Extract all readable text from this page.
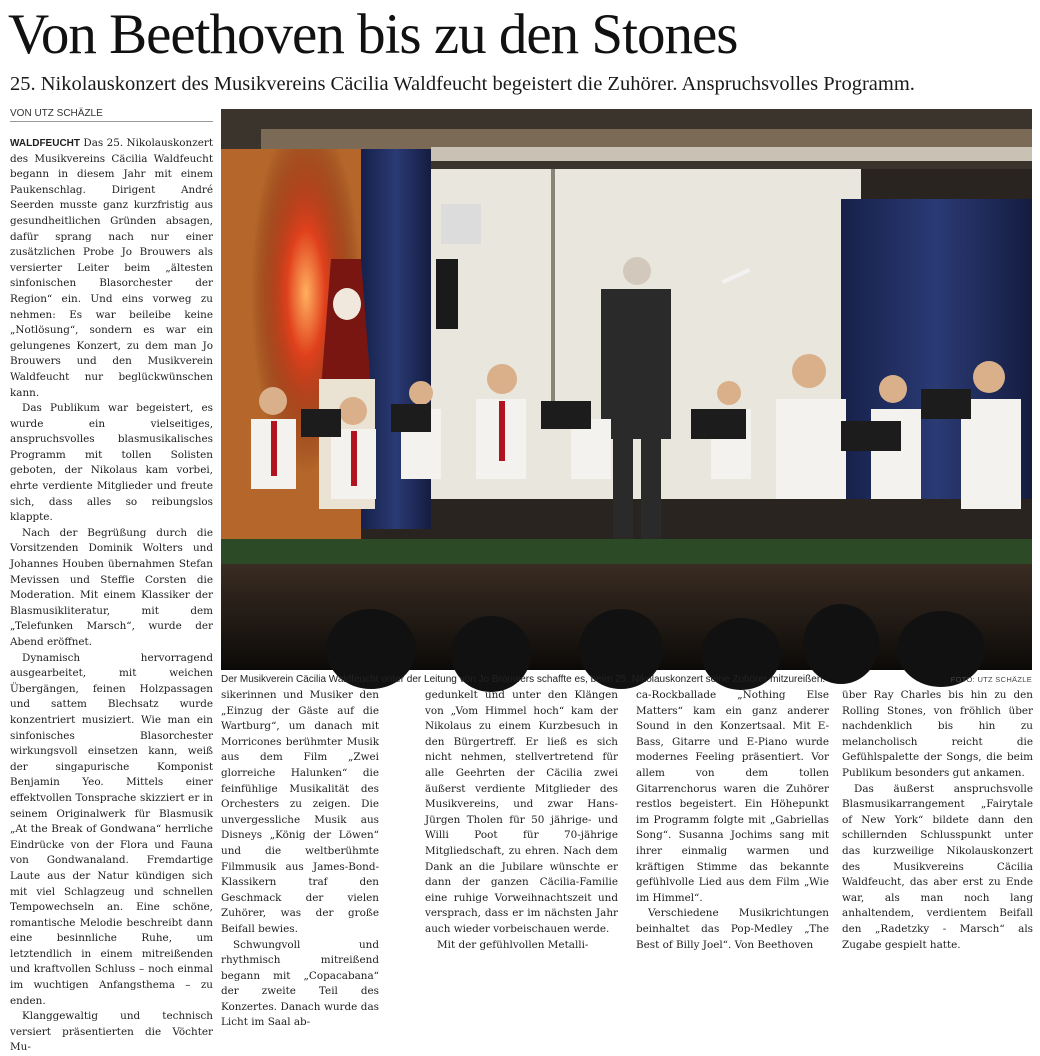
Von Beethoven bis zu den Stones

25. Nikolauskonzert des Musikvereins Cäcilia Waldfeucht begeistert die Zuhörer. Anspruchsvolles Programm.

VON UTZ SCHÄZLE

WALDFEUCHT Das 25. Nikolauskonzert des Musikvereins Cäcilia Waldfeucht begann in diesem Jahr mit einem Paukenschlag. Dirigent André Seerden musste ganz kurzfristig aus gesundheitlichen Gründen absagen, dafür sprang nach nur einer zusätzlichen Probe Jo Brouwers als versierter Leiter beim „ältesten sinfonischen Blasorchester der Region“ ein. Und eins vorweg zu nehmen: Es war beileibe keine „Notlösung“, sondern es war ein gelungenes Konzert, zu dem man Jo Brouwers und den Musikverein Waldfeucht nur beglückwünschen kann.

Das Publikum war begeistert, es wurde ein vielseitiges, anspruchsvolles blasmusikalisches Programm mit tollen Solisten geboten, der Nikolaus kam vorbei, ehrte verdiente Mitglieder und freute sich, dass alles so reibungslos klappte.

Nach der Begrüßung durch die Vorsitzenden Dominik Wolters und Johannes Houben übernahmen Stefan Mevissen und Steffie Corsten die Moderation. Mit einem Klassiker der Blasmusikliteratur, mit dem „Telefunken Marsch“, wurde der Abend eröffnet.

Dynamisch hervorragend ausgearbeitet, mit weichen Übergängen, feinen Holzpassagen und sattem Blechsatz wurde konzentriert musiziert. Wie man ein sinfonisches Blasorchester wirkungsvoll einsetzen kann, weiß der singapurische Komponist Benjamin Yeo. Mittels einer effektvollen Tonsprache skizziert er in seinem Originalwerk für Blasmusik „At the Break of Gondwana“ herrliche Eindrücke von der Flora und Fauna von Gondwanaland. Fremdartige Laute aus der Natur kündigen sich mit viel Schlagzeug und schnellen Tempowechseln an. Eine schöne, romantische Melodie beschreibt dann eine besinnliche Ruhe, um letztendlich in einem mitreißenden und kraftvollen Schluss – noch einmal im wuchtigen Anfangsthema – zu enden.

Klanggewaltig und technisch versiert präsentierten die Vöchter Mu-

Der Musikverein Cäcilia Waldfeucht unter der Leitung von Jo Brouwers schaffte es, beim 25. Nikolauskonzert seine Zuhörer mitzureißen.	FOTO: UTZ SCHÄZLE

sikerinnen und Musiker den „Einzug der Gäste auf die Wartburg“, um danach mit Morricones berühmter Musik aus dem Film „Zwei glorreiche Halunken“ die feinfühlige Musikalität des Orchesters zu zeigen. Die unvergessliche Musik aus Disneys „König der Löwen“ und die weltberühmte Filmmusik aus James-Bond-Klassikern traf den Geschmack der vielen Zuhörer, was der große Beifall bewies.

Schwungvoll und rhythmisch mitreißend begann mit „Copacabana“ der zweite Teil des Konzertes. Danach wurde das Licht im Saal ab-

gedunkelt und unter den Klängen von „Vom Himmel hoch“ kam der Nikolaus zu einem Kurzbesuch in den Bürgertreff. Er ließ es sich nicht nehmen, stellvertretend für alle Geehrten der Cäcilia zwei äußerst verdiente Mitglieder des Musikvereins, und zwar Hans-Jürgen Tholen für 50 jährige- und Willi Poot für 70-jährige Mitgliedschaft, zu ehren. Nach dem Dank an die Jubilare wünschte er dann der ganzen Cäcilia-Familie eine ruhige Vorweihnachtszeit und versprach, dass er im nächsten Jahr auch wieder vorbeischauen werde.

Mit der gefühlvollen Metalli-

ca-Rockballade „Nothing Else Matters“ kam ein ganz anderer Sound in den Konzertsaal. Mit E-Bass, Gitarre und E-Piano wurde modernes Feeling präsentiert. Vor allem von dem tollen Gitarrenchorus waren die Zuhörer restlos begeistert. Ein Höhepunkt im Programm folgte mit „Gabriellas Song“. Susanna Jochims sang mit ihrer einmalig warmen und kräftigen Stimme das bekannte gefühlvolle Lied aus dem Film „Wie im Himmel“.

Verschiedene Musikrichtungen beinhaltet das Pop-Medley „The Best of Billy Joel“. Von Beethoven

über Ray Charles bis hin zu den Rolling Stones, von fröhlich über nachdenklich bis hin zu melancholisch reicht die Gefühlspalette der Songs, die beim Publikum besonders gut ankamen.

Das äußerst anspruchsvolle Blasmusikarrangement „Fairytale of New York“ bildete dann den schillernden Schlusspunkt unter das kurzweilige Nikolauskonzert des Musikvereins Cäcilia Waldfeucht, das aber erst zu Ende war, als man noch lang anhaltendem, verdientem Beifall den „Radetzky - Marsch“ als Zugabe gespielt hatte.
